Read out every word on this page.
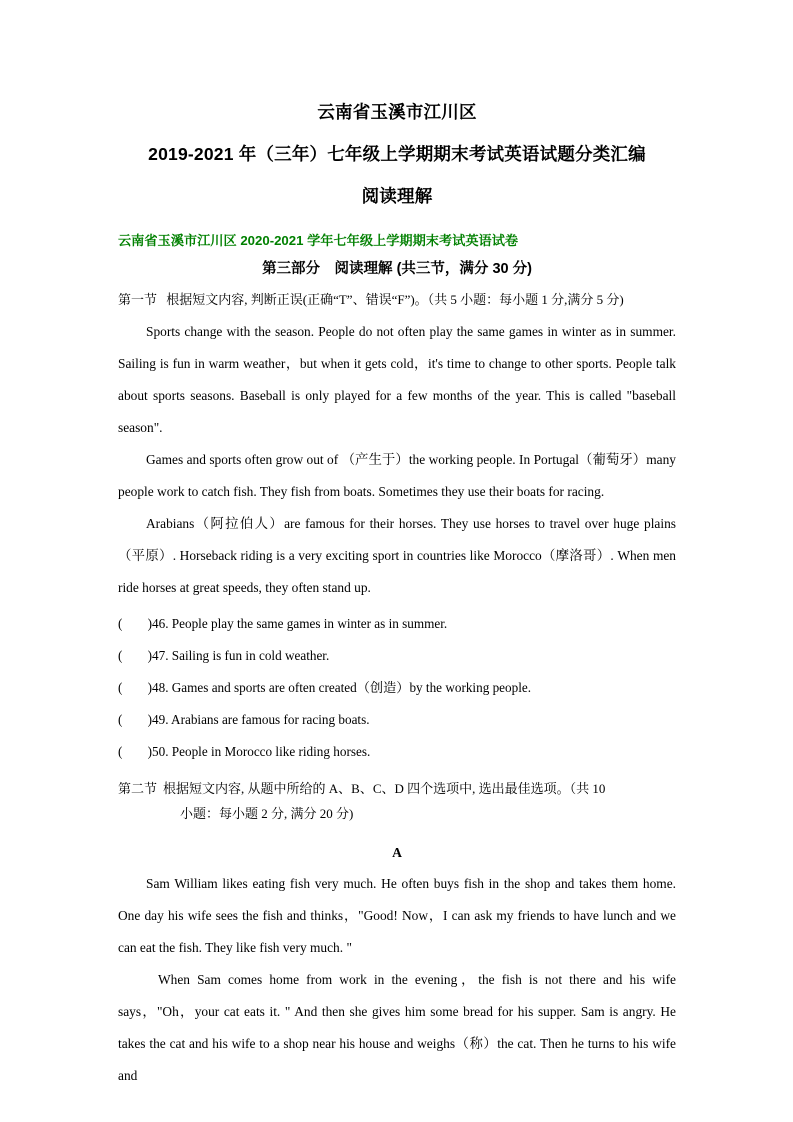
云南省玉溪市江川区
2019-2021 年（三年）七年级上学期期末考试英语试题分类汇编
阅读理解
云南省玉溪市江川区 2020-2021 学年七年级上学期期末考试英语试卷
第三部分　阅读理解 (共三节，满分 30 分)
第一节 根据短文内容, 判断正误(正确“T”、错误“F”)。（共 5 小题：每小题 1 分,满分 5 分)

Sports change with the season. People do not often play the same games in winter as in summer. Sailing is fun in warm weather，but when it gets cold，it's time to change to other sports. People talk about sports seasons. Baseball is only played for a few months of the year. This is called "baseball season".

Games and sports often grow out of （产生于）the working people. In Portugal（葡萄牙）many people work to catch fish. They fish from boats. Sometimes they use their boats for racing.

Arabians（阿拉伯人）are famous for their horses. They use horses to travel over huge plains（平原）. Horseback riding is a very exciting sport in countries like Morocco（摩洛哥）. When men ride horses at great speeds, they often stand up.

( ) 46. People play the same games in winter as in summer.
( ) 47. Sailing is fun in cold weather.
( ) 48. Games and sports are often created（创造）by the working people.
( ) 49. Arabians are famous for racing boats.
( ) 50. People in Morocco like riding horses.
第二节 根据短文内容, 从题中所给的 A、B、C、D 四个选项中, 选出最佳选项。（共 10
小题：每小题 2 分, 满分 20 分)
A

Sam William likes eating fish very much. He often buys fish in the shop and takes them home. One day his wife sees the fish and thinks，"Good! Now，I can ask my friends to have lunch and we can eat the fish. They like fish very much. "

When Sam comes home from work in the evening，the fish is not there and his wife says，"Oh，your cat eats it. " And then she gives him some bread for his supper. Sam is angry. He takes the cat and his wife to a shop near his house and weighs（称）the cat. Then he turns to his wife and
